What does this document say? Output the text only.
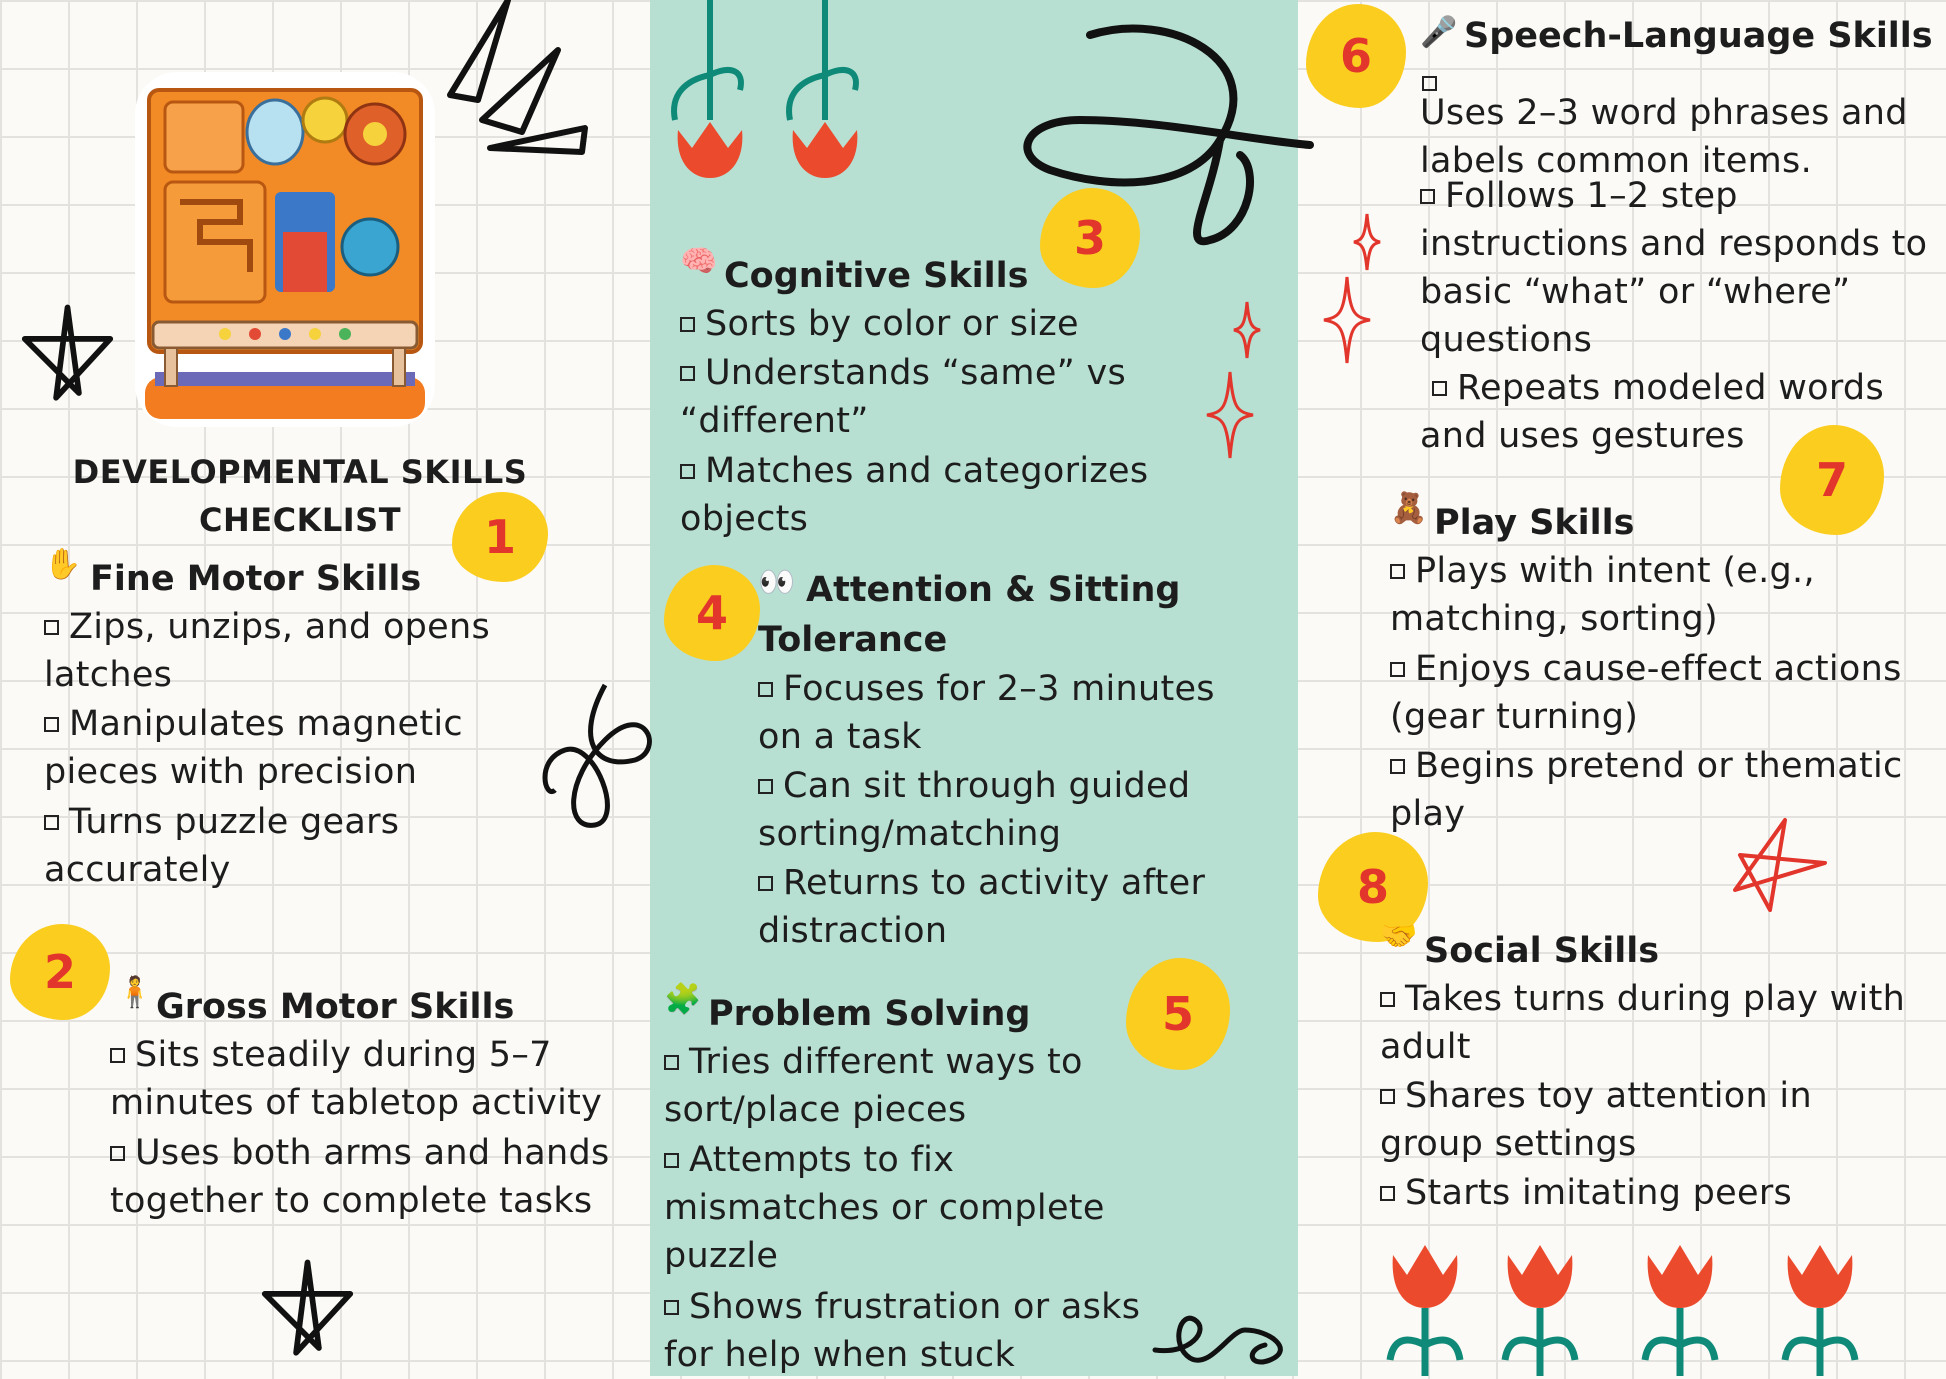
1
2
3
4
5
6
7
8
DEVELOPMENTAL SKILLS CHECKLIST
✋ Fine Motor Skills
Zips, unzips, and opens latches
Manipulates magnetic pieces with precision
Turns puzzle gears accurately
🧍 Gross Motor Skills
Sits steadily during 5–7 minutes of tabletop activity
Uses both arms and hands together to complete tasks
🧠 Cognitive Skills
Sorts by color or size
Understands “same” vs “different”
Matches and categorizes objects
👀 Attention & Sitting Tolerance
Focuses for 2–3 minutes on a task
Can sit through guided sorting/matching
Returns to activity after distraction
🧩 Problem Solving
Tries different ways to sort/place pieces
Attempts to fix mismatches or complete puzzle
Shows frustration or asks for help when stuck
🎤 Speech-Language Skills
Uses 2–3 word phrases and labels common items.
Follows 1–2 step instructions and responds to basic “what” or “where” questions
Repeats modeled words and uses gestures
🧸 Play Skills
Plays with intent (e.g., matching, sorting)
Enjoys cause-effect actions (gear turning)
Begins pretend or thematic play
🤝 Social Skills
Takes turns during play with adult
Shares toy attention in group settings
Starts imitating peers
